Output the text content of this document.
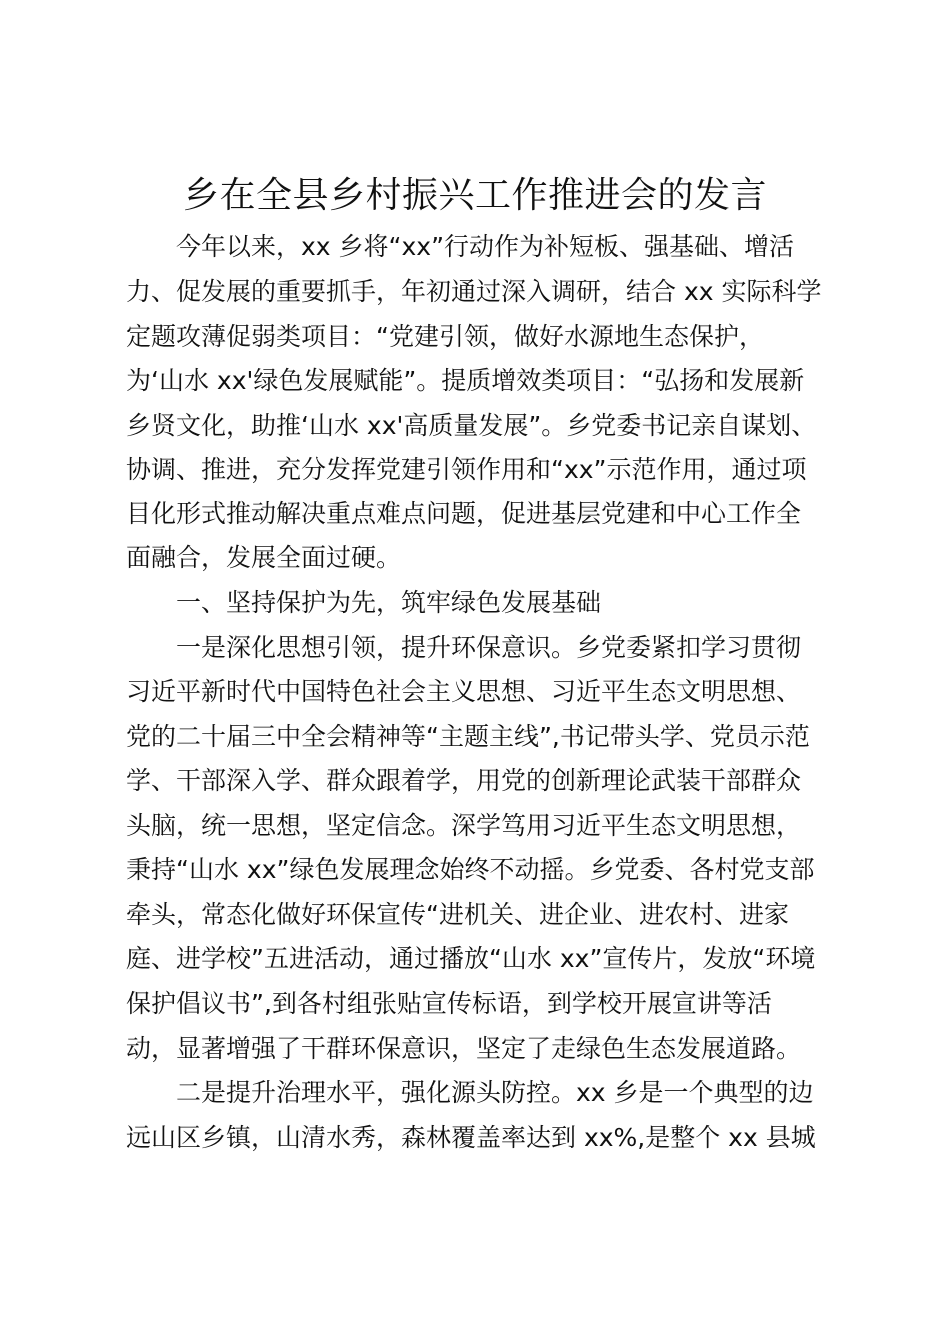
乡在全县乡村振兴工作推进会的发言
今年以来，xx 乡将“xx”行动作为补短板、强基础、增活
力、促发展的重要抓手，年初通过深入调研，结合 xx 实际科学
定题攻薄促弱类项目：“党建引领，做好水源地生态保护，
为‘山水 xx'绿色发展赋能”。提质增效类项目：“弘扬和发展新
乡贤文化，助推‘山水 xx'高质量发展”。乡党委书记亲自谋划、
协调、推进，充分发挥党建引领作用和“xx”示范作用，通过项
目化形式推动解决重点难点问题，促进基层党建和中心工作全
面融合，发展全面过硬。
一、坚持保护为先，筑牢绿色发展基础
一是深化思想引领，提升环保意识。乡党委紧扣学习贯彻
习近平新时代中国特色社会主义思想、习近平生态文明思想、
党的二十届三中全会精神等“主题主线”,书记带头学、党员示范
学、干部深入学、群众跟着学，用党的创新理论武装干部群众
头脑，统一思想，坚定信念。深学笃用习近平生态文明思想，
秉持“山水 xx”绿色发展理念始终不动摇。乡党委、各村党支部
牵头，常态化做好环保宣传“进机关、进企业、进农村、进家
庭、进学校”五进活动，通过播放“山水 xx”宣传片，发放“环境
保护倡议书”,到各村组张贴宣传标语，到学校开展宣讲等活
动，显著增强了干群环保意识，坚定了走绿色生态发展道路。
二是提升治理水平，强化源头防控。xx 乡是一个典型的边
远山区乡镇，山清水秀，森林覆盖率达到 xx%,是整个 xx 县城
